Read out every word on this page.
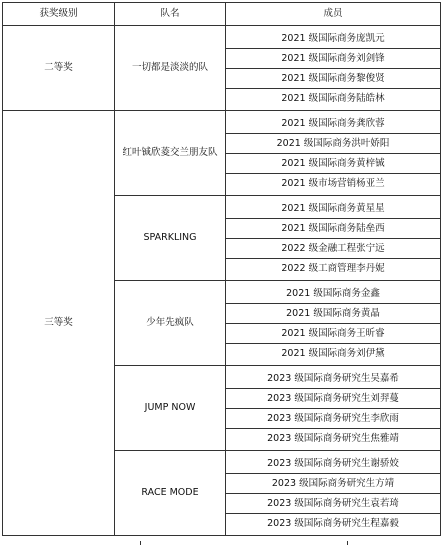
获奖级别	队名	成员
二等奖	一切都是淡淡的队	2021 级国际商务庞凯元
		2021 级国际商务刘剑锋
		2021 级国际商务黎俊贤
		2021 级国际商务陆皓林
三等奖	红叶铖欣菱交兰朋友队	2021 级国际商务龚欣蓉
		2021 级国际商务洪叶娇阳
		2021 级国际商务黄梓铖
		2021 级市场营销杨亚兰
	SPARKLING	2021 级国际商务黄星星
		2021 级国际商务陆垒西
		2022 级金融工程张宁远
		2022 级工商管理李丹妮
	少年先疯队	2021 级国际商务金鑫
		2021 级国际商务黄晶
		2021 级国际商务王昕睿
		2021 级国际商务刘伊黛
	JUMP NOW	2023 级国际商务研究生吴嘉希
		2023 级国际商务研究生刘羿蔓
		2023 级国际商务研究生李欣雨
		2023 级国际商务研究生焦雅靖
	RACE MODE	2023 级国际商务研究生谢骄姣
		2023 级国际商务研究生方靖
		2023 级国际商务研究生袁若琦
		2023 级国际商务研究生程嘉毅
